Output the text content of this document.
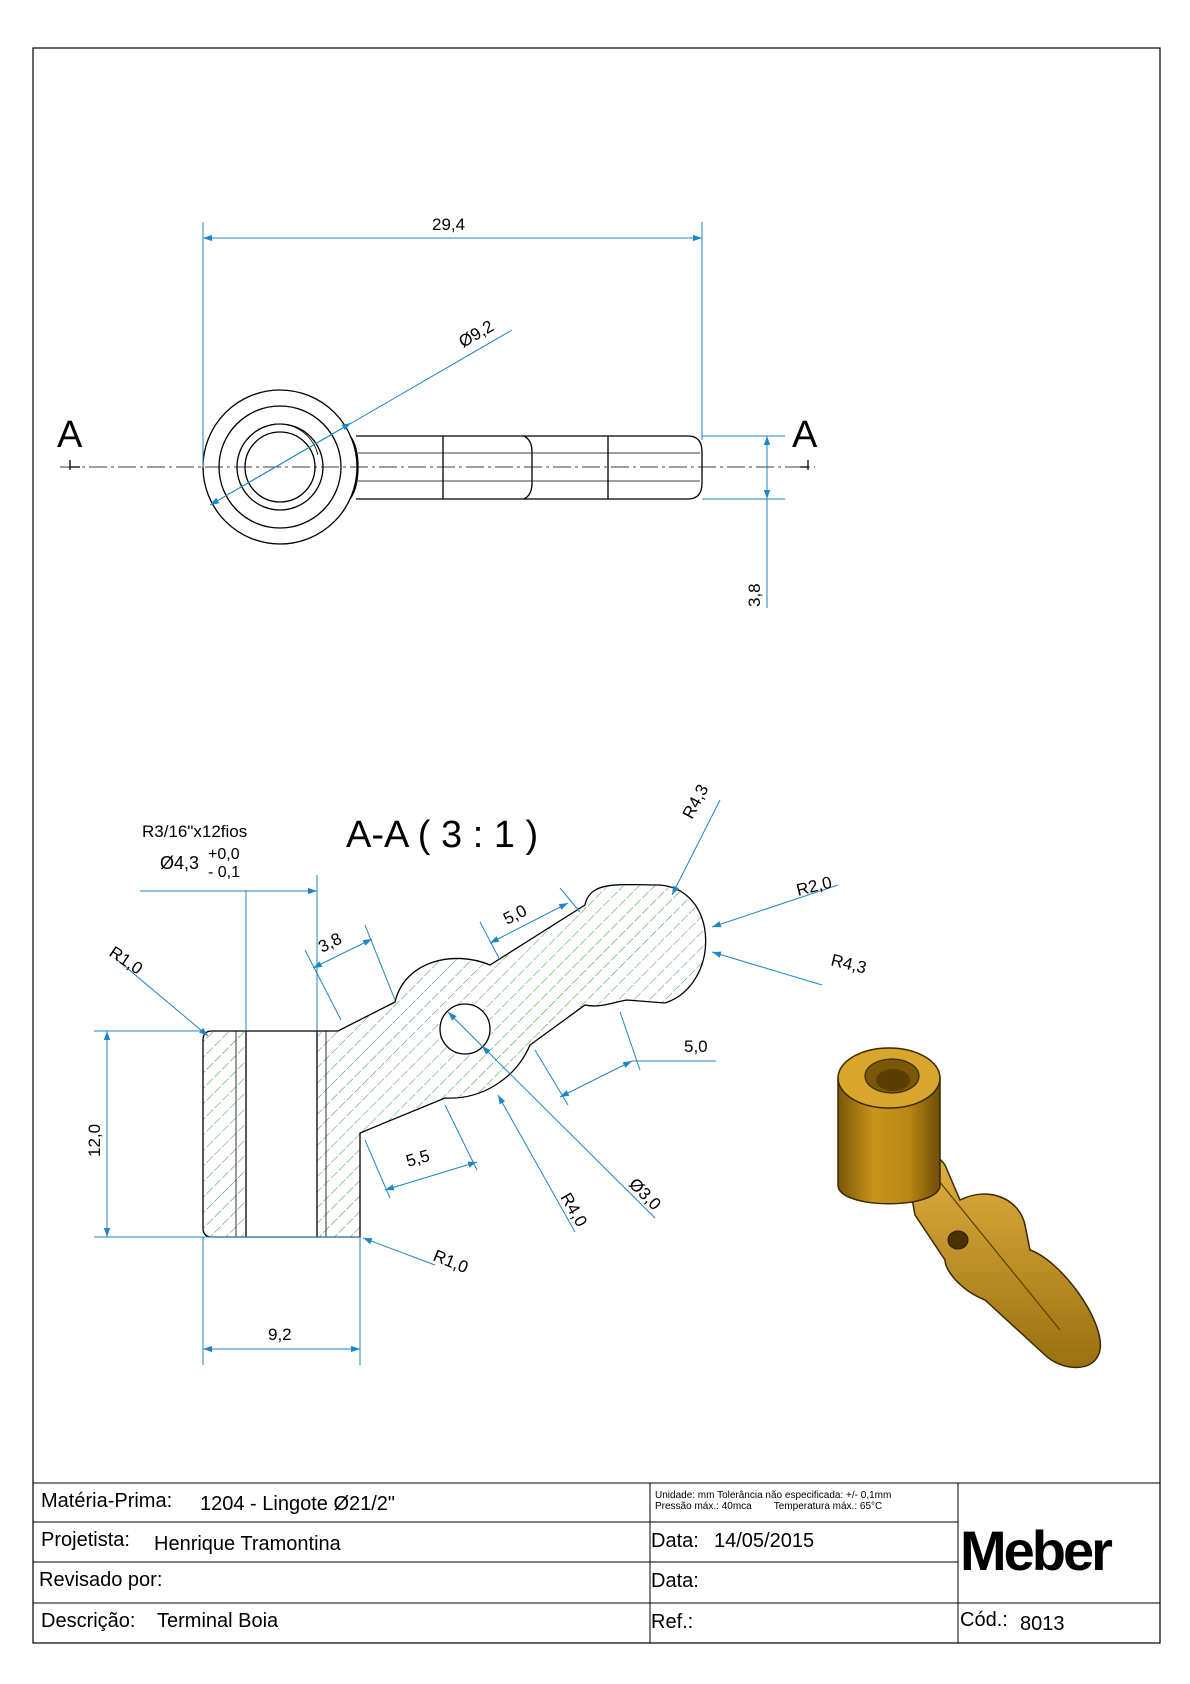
A	A
29,4
Ø9,2
3,8
A-A ( 3 : 1 )
R3/16"x12fios
Ø4,3 +0,0
- 0,1
R1,0	3,8
5,0
R4,3
R2,0
R4,3
5,0
12,0
5,5
R4,0 Ø3,0
R1,0
9,2
Matéria-Prima: 1204 - Lingote Ø21/2"
Projetista: Henrique Tramontina
Revisado por:
Descrição: Terminal Boia
Unidade: mm Tolerância não especificada: +/- 0,1mm
Pressão máx.: 40mca        Temperatura máx.: 65°C
Data: 14/05/2015
Data:
Ref.:	Cód.: 8013
Meber
